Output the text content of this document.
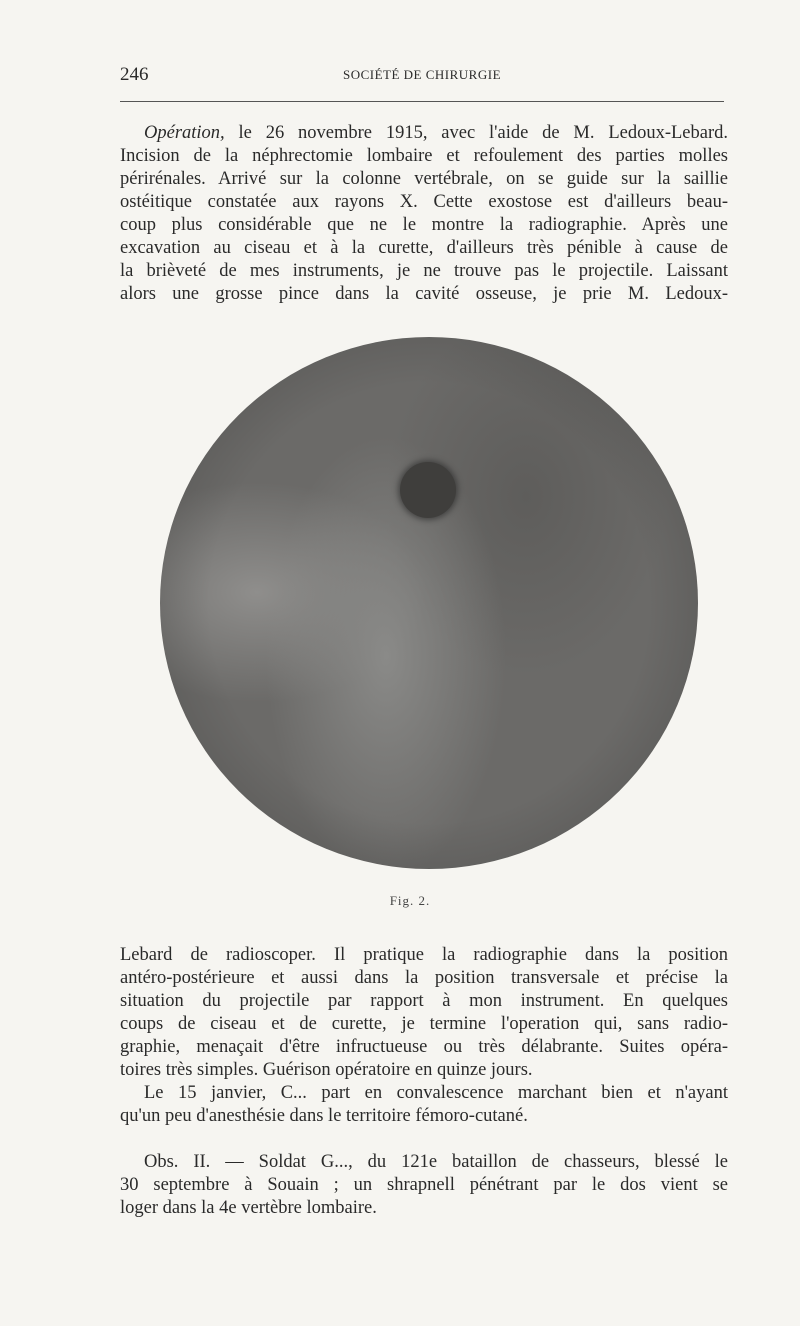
246	SOCIÉTÉ DE CHIRURGIE

Opération, le 26 novembre 1915, avec l'aide de M. Ledoux-Lebard.

Incision de la néphrectomie lombaire et refoulement des parties molles

périrénales. Arrivé sur la colonne vertébrale, on se guide sur la saillie

ostéitique constatée aux rayons X. Cette exostose est d'ailleurs beau-

coup plus considérable que ne le montre la radiographie. Après une

excavation au ciseau et à la curette, d'ailleurs très pénible à cause de

la brièveté de mes instruments, je ne trouve pas le projectile. Laissant

alors une grosse pince dans la cavité osseuse, je prie M. Ledoux-

Fig. 2.

Lebard de radioscoper. Il pratique la radiographie dans la position

antéro-postérieure et aussi dans la position transversale et précise la

situation du projectile par rapport à mon instrument. En quelques

coups de ciseau et de curette, je termine l'operation qui, sans radio-

graphie, menaçait d'être infructueuse ou très délabrante. Suites opéra-

toires très simples. Guérison opératoire en quinze jours.

Le 15 janvier, C... part en convalescence marchant bien et n'ayant

qu'un peu d'anesthésie dans le territoire fémoro-cutané.

Obs. II. — Soldat G..., du 121e bataillon de chasseurs, blessé le

30 septembre à Souain ; un shrapnell pénétrant par le dos vient se

loger dans la 4e vertèbre lombaire.
